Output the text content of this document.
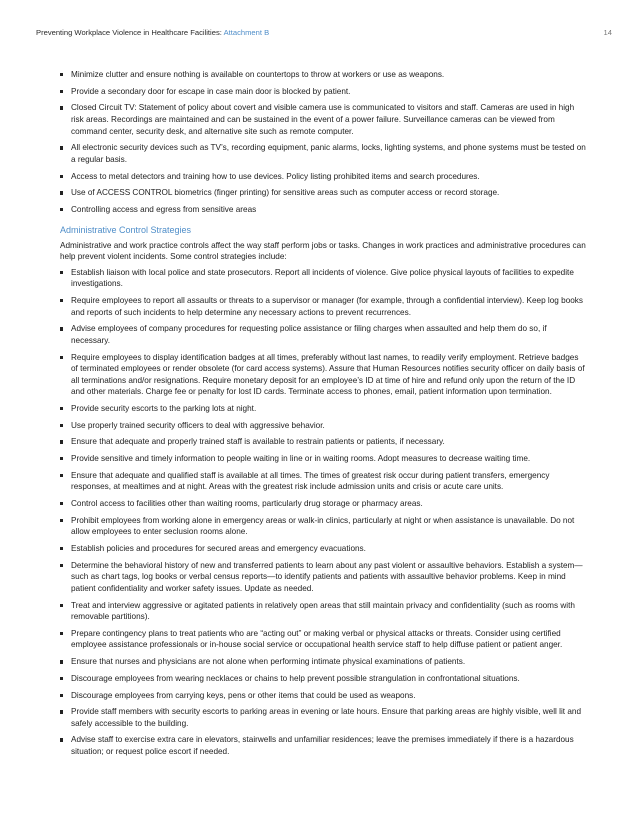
Preventing Workplace Violence in Healthcare Facilities: Attachment B	14
Minimize clutter and ensure nothing is available on countertops to throw at workers or use as weapons.
Provide a secondary door for escape in case main door is blocked by patient.
Closed Circuit TV: Statement of policy about covert and visible camera use is communicated to visitors and staff. Cameras are used in high risk areas. Recordings are maintained and can be sustained in the event of a power failure. Surveillance cameras can be viewed from command center, security desk, and alternative site such as remote computer.
All electronic security devices such as TV’s, recording equipment, panic alarms, locks, lighting systems, and phone systems must be tested on a regular basis.
Access to metal detectors and training how to use devices. Policy listing prohibited items and search procedures.
Use of ACCESS CONTROL biometrics (finger printing) for sensitive areas such as computer access or record storage.
Controlling access and egress from sensitive areas
Administrative Control Strategies

Administrative and work practice controls affect the way staff perform jobs or tasks. Changes in work practices and administrative procedures can help prevent violent incidents. Some control strategies include:

Establish liaison with local police and state prosecutors. Report all incidents of violence. Give police physical layouts of facilities to expedite investigations.
Require employees to report all assaults or threats to a supervisor or manager (for example, through a confidential interview). Keep log books and reports of such incidents to help determine any necessary actions to prevent recurrences.
Advise employees of company procedures for requesting police assistance or filing charges when assaulted and help them do so, if necessary.
Require employees to display identification badges at all times, preferably without last names, to readily verify employment. Retrieve badges of terminated employees or render obsolete (for card access systems). Assure that Human Resources notifies security officer on daily basis of all terminations and/or resignations. Require monetary deposit for an employee’s ID at time of hire and refund only upon the return of the ID and other materials. Charge fee or penalty for lost ID cards. Terminate access to phones, email, patient information upon termination.
Provide security escorts to the parking lots at night.
Use properly trained security officers to deal with aggressive behavior.
Ensure that adequate and properly trained staff is available to restrain patients or patients, if necessary.
Provide sensitive and timely information to people waiting in line or in waiting rooms. Adopt measures to decrease waiting time.
Ensure that adequate and qualified staff is available at all times. The times of greatest risk occur during patient transfers, emergency responses, at mealtimes and at night. Areas with the greatest risk include admission units and crisis or acute care units.
Control access to facilities other than waiting rooms, particularly drug storage or pharmacy areas.
Prohibit employees from working alone in emergency areas or walk-in clinics, particularly at night or when assistance is unavailable. Do not allow employees to enter seclusion rooms alone.
Establish policies and procedures for secured areas and emergency evacuations.
Determine the behavioral history of new and transferred patients to learn about any past violent or assaultive behaviors. Establish a system—such as chart tags, log books or verbal census reports—to identify patients and patients with assaultive behavior problems. Keep in mind patient confidentiality and worker safety issues. Update as needed.
Treat and interview aggressive or agitated patients in relatively open areas that still maintain privacy and confidentiality (such as rooms with removable partitions).
Prepare contingency plans to treat patients who are “acting out” or making verbal or physical attacks or threats. Consider using certified employee assistance professionals or in-house social service or occupational health service staff to help diffuse patient or patient anger.
Ensure that nurses and physicians are not alone when performing intimate physical examinations of patients.
Discourage employees from wearing necklaces or chains to help prevent possible strangulation in confrontational situations.
Discourage employees from carrying keys, pens or other items that could be used as weapons.
Provide staff members with security escorts to parking areas in evening or late hours. Ensure that parking areas are highly visible, well lit and safely accessible to the building.
Advise staff to exercise extra care in elevators, stairwells and unfamiliar residences; leave the premises immediately if there is a hazardous situation; or request police escort if needed.
